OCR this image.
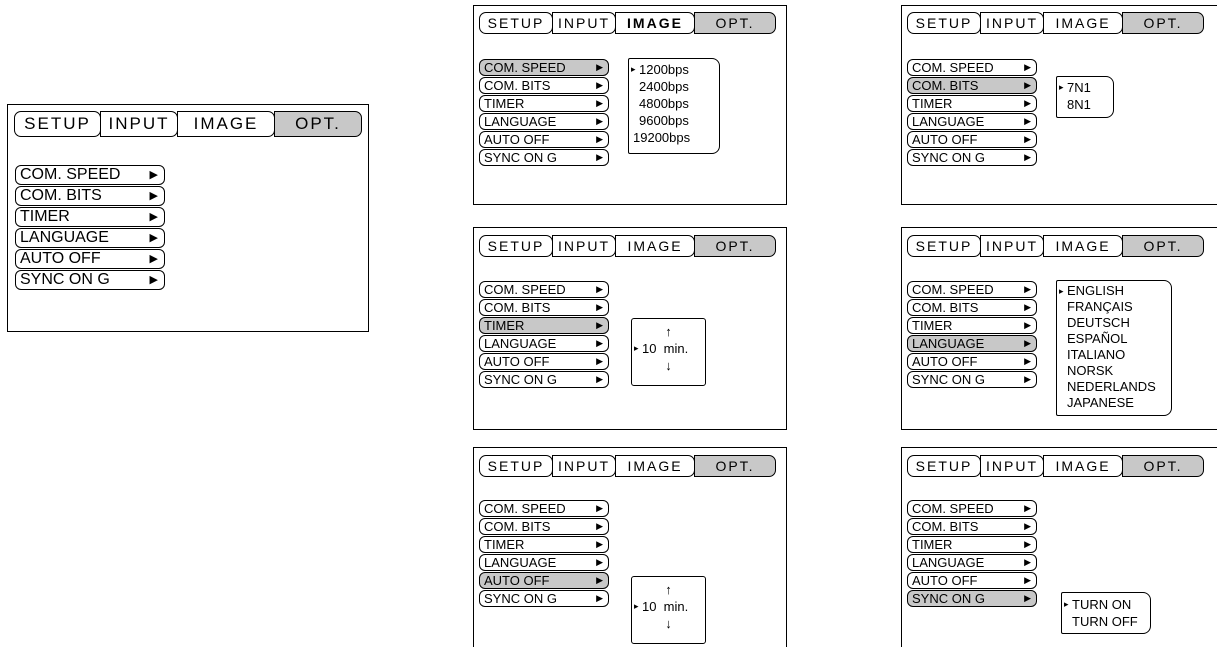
SETUP	INPUT	IMAGE	OPT.
COM. SPEED	▶
COM. BITS	▶
TIMER	▶
LANGUAGE	▶
AUTO OFF	▶
SYNC ON G	▶
SETUP INPUT	IMAGE	OPT.
COM. SPEED	▶
COM. BITS	▶
TIMER	▶
LANGUAGE	▶
AUTO OFF	▶
SYNC ON G	▶
▸ 1200bps
2400bps
4800bps
9600bps
19200bps
SETUP INPUT	IMAGE	OPT.
COM. SPEED	▶
COM. BITS	▶
TIMER	▶
LANGUAGE	▶
AUTO OFF	▶
SYNC ON G	▶
▸ 7N1
8N1
SETUP INPUT	IMAGE	OPT.
COM. SPEED	▶
COM. BITS	▶
TIMER	▶
LANGUAGE	▶
AUTO OFF	▶
SYNC ON G	▶
↑
▸ 10  min.
↓
SETUP INPUT	IMAGE	OPT.
COM. SPEED	▶
COM. BITS	▶
TIMER	▶
LANGUAGE	▶
AUTO OFF	▶
SYNC ON G	▶
▸ ENGLISH
FRANÇAIS
DEUTSCH
ESPAÑOL
ITALIANO
NORSK
NEDERLANDS
JAPANESE
SETUP INPUT	IMAGE	OPT.
COM. SPEED	▶
COM. BITS	▶
TIMER	▶
LANGUAGE	▶
AUTO OFF	▶
SYNC ON G	▶
↑
▸ 10  min.
↓
SETUP INPUT	IMAGE	OPT.
COM. SPEED	▶
COM. BITS	▶
TIMER	▶
LANGUAGE	▶
AUTO OFF	▶
SYNC ON G	▶
▸ TURN ON
TURN OFF
